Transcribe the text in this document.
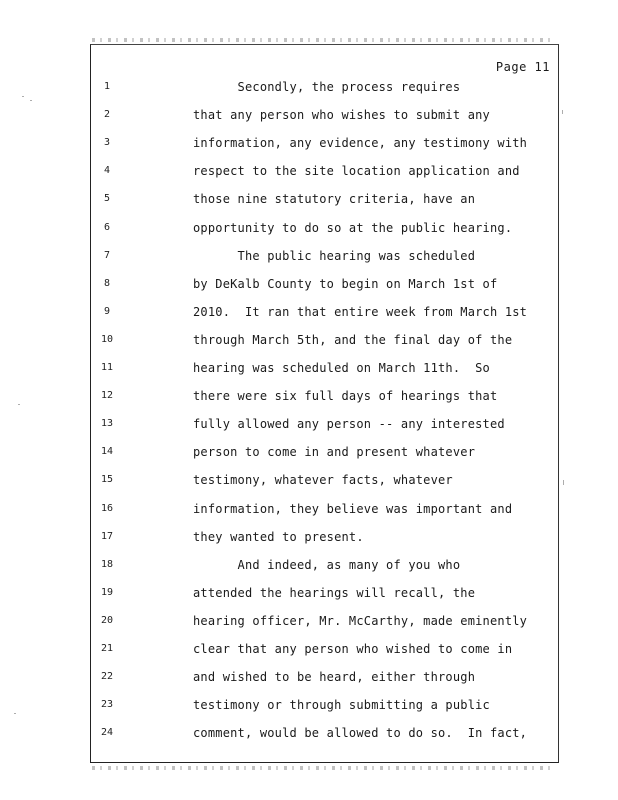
Page 11
1	Secondly, the process requires
2	that any person who wishes to submit any
3	information, any evidence, any testimony with
4	respect to the site location application and
5	those nine statutory criteria, have an
6	opportunity to do so at the public hearing.
7	The public hearing was scheduled
8	by DeKalb County to begin on March 1st of
9	2010.  It ran that entire week from March 1st
10	through March 5th, and the final day of the
11	hearing was scheduled on March 11th.  So
12	there were six full days of hearings that
13	fully allowed any person -- any interested
14	person to come in and present whatever
15	testimony, whatever facts, whatever
16	information, they believe was important and
17	they wanted to present.
18	And indeed, as many of you who
19	attended the hearings will recall, the
20	hearing officer, Mr. McCarthy, made eminently
21	clear that any person who wished to come in
22	and wished to be heard, either through
23	testimony or through submitting a public
24	comment, would be allowed to do so.  In fact,
